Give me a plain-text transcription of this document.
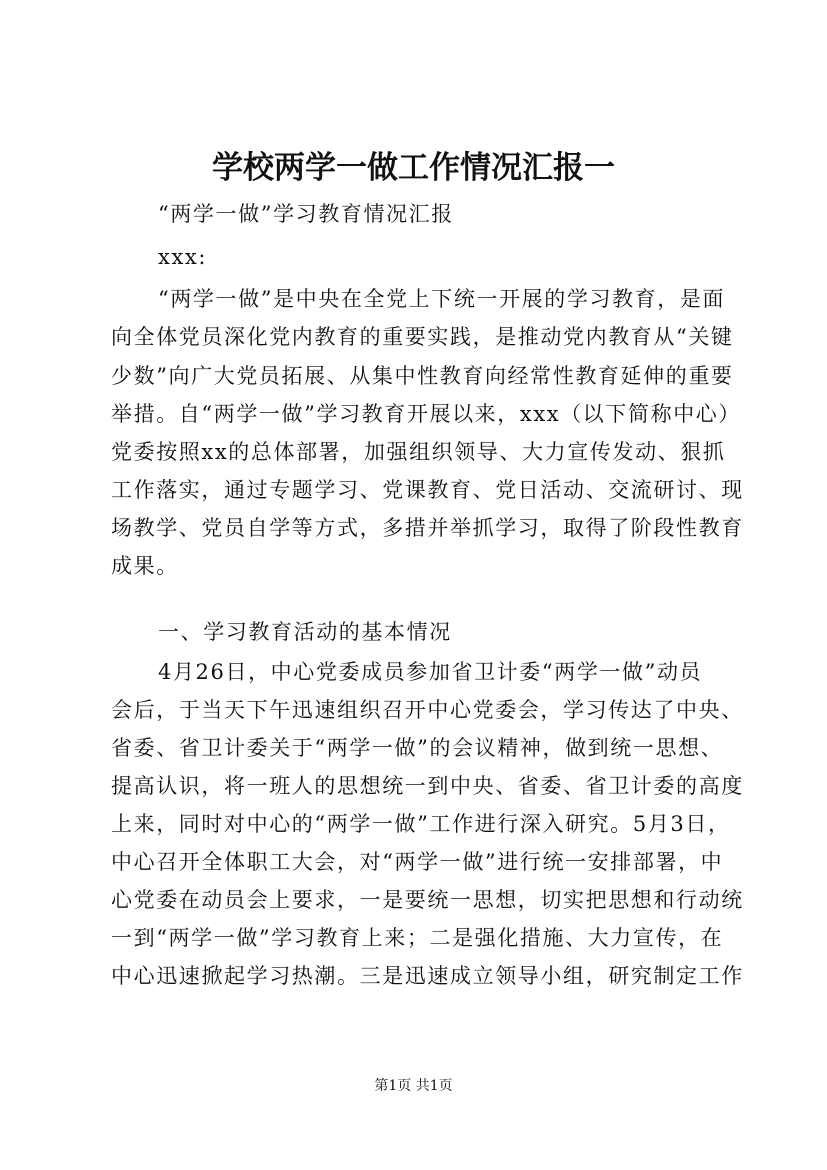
学校两学一做工作情况汇报一
“两学一做”学习教育情况汇报
xxx:
“两学一做”是中央在全党上下统一开展的学习教育，是面
向全体党员深化党内教育的重要实践，是推动党内教育从“关键
少数”向广大党员拓展、从集中性教育向经常性教育延伸的重要
举措。自“两学一做”学习教育开展以来，xxx（以下简称中心）
党委按照xx的总体部署，加强组织领导、大力宣传发动、狠抓
工作落实，通过专题学习、党课教育、党日活动、交流研讨、现
场教学、党员自学等方式，多措并举抓学习，取得了阶段性教育
成果。
一、学习教育活动的基本情况
4月26日，中心党委成员参加省卫计委“两学一做”动员
会后，于当天下午迅速组织召开中心党委会，学习传达了中央、
省委、省卫计委关于“两学一做”的会议精神，做到统一思想、
提高认识，将一班人的思想统一到中央、省委、省卫计委的高度
上来，同时对中心的“两学一做”工作进行深入研究。5月3日，
中心召开全体职工大会，对“两学一做”进行统一安排部署，中
心党委在动员会上要求，一是要统一思想，切实把思想和行动统
一到“两学一做”学习教育上来；二是强化措施、大力宣传，在
中心迅速掀起学习热潮。三是迅速成立领导小组，研究制定工作
第1页 共1页
